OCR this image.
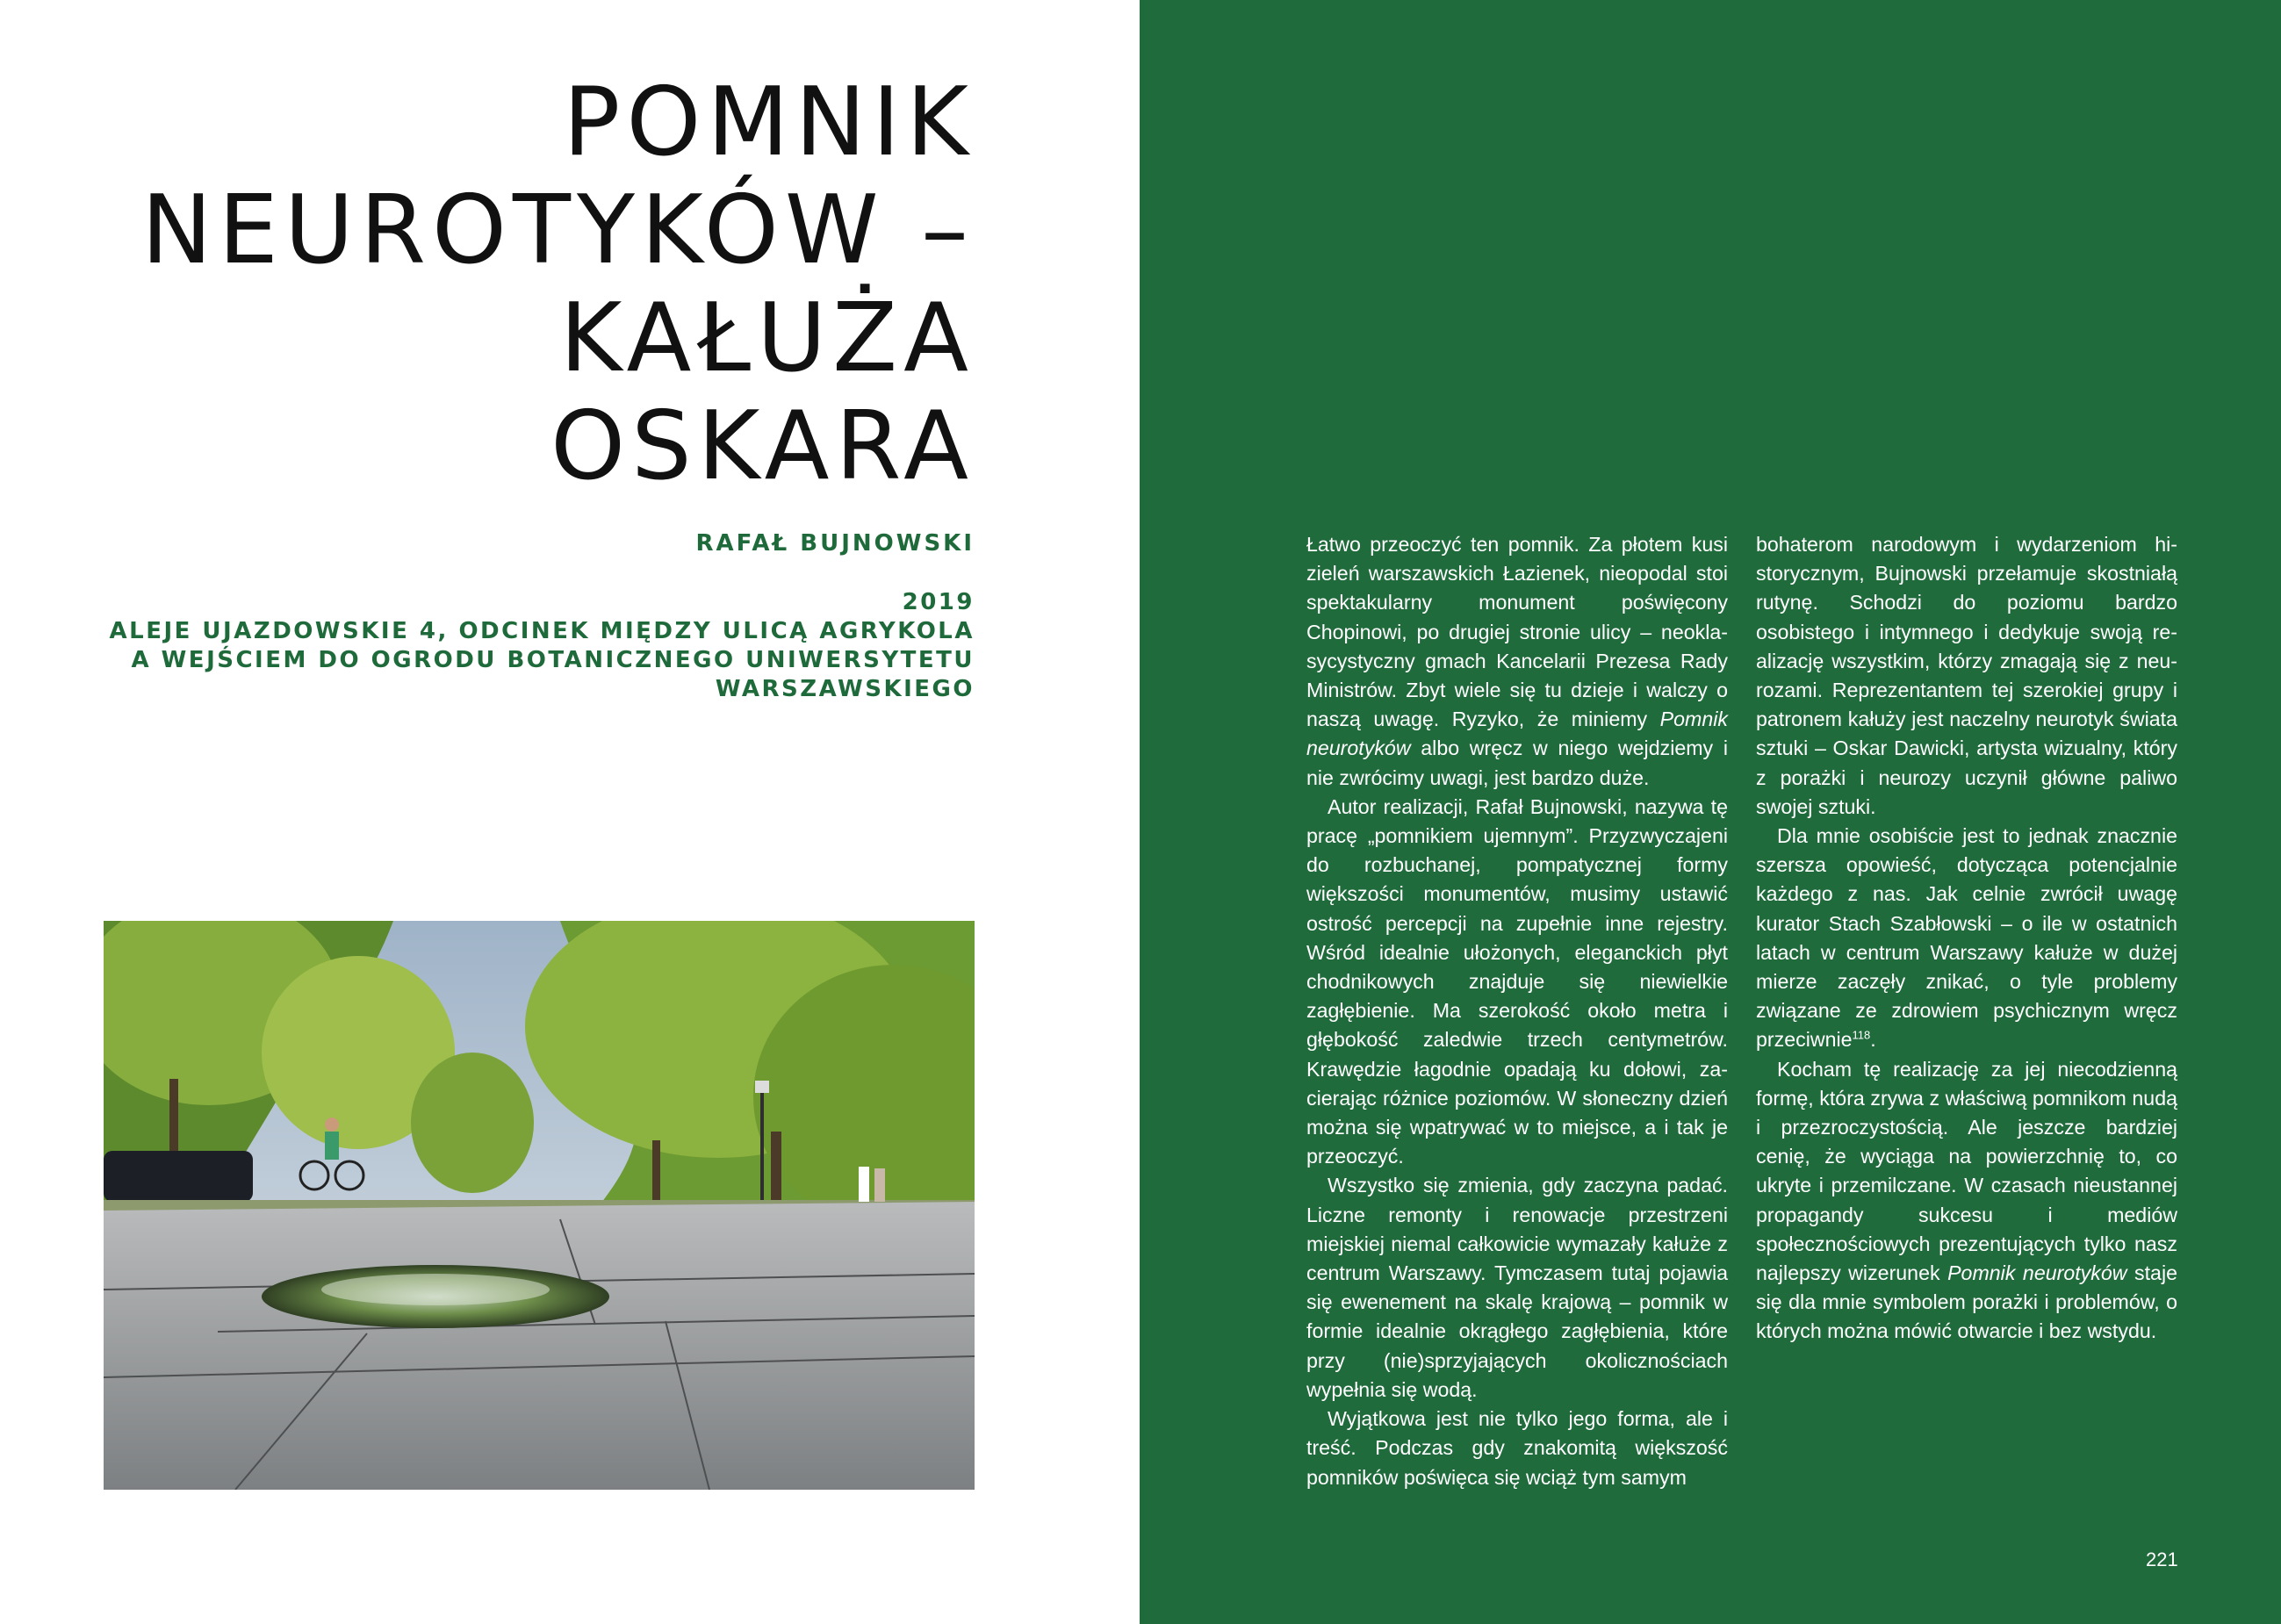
POMNIK
NEUROTYKÓW –
KAŁUŻA
OSKARA
RAFAŁ BUJNOWSKI
2019
ALEJE UJAZDOWSKIE 4, ODCINEK MIĘDZY ULICĄ AGRYKOLA
A WEJŚCIEM DO OGRODU BOTANICZNEGO UNIWERSYTETU
WARSZAWSKIEGO

Łatwo przeoczyć ten pomnik. Za płotem kusi zieleń warszawskich Łazienek, nieopodal stoi spektakularny monument poświęcony Chopinowi, po drugiej stronie ulicy – neoklasycystyczny gmach Kancelarii Prezesa Rady Ministrów. Zbyt wiele się tu dzieje i walczy o naszą uwagę. Ryzyko, że miniemy Pomnik neurotyków albo wręcz w niego wejdziemy i nie zwrócimy uwagi, jest bardzo duże.

Autor realizacji, Rafał Bujnowski, nazywa tę pracę „pomnikiem ujemnym”. Przyzwyczajeni do rozbuchanej, pompatycznej formy większości monumentów, musimy ustawić ostrość percepcji na zupełnie inne rejestry. Wśród idealnie ułożonych, eleganckich płyt chodnikowych znajduje się niewielkie zagłębienie. Ma szerokość około metra i głębokość zaledwie trzech centymetrów. Krawędzie łagodnie opadają ku dołowi, zacierając różnice poziomów. W słoneczny dzień można się wpatrywać w to miejsce, a i tak je przeoczyć.

Wszystko się zmienia, gdy zaczyna padać. Liczne remonty i renowacje przestrzeni miejskiej niemal całkowicie wymazały kałuże z centrum Warszawy. Tymczasem tutaj pojawia się ewenement na skalę krajową – pomnik w formie idealnie okrągłego zagłębienia, które przy (nie)sprzyjających okolicznościach wypełnia się wodą.

Wyjątkowa jest nie tylko jego forma, ale i treść. Podczas gdy znakomitą większość pomników poświęca się wciąż tym samym

bohaterom narodowym i wydarzeniom historycznym, Bujnowski przełamuje skostniałą rutynę. Schodzi do poziomu bardzo osobistego i intymnego i dedykuje swoją realizację wszystkim, którzy zmagają się z neurozami. Reprezentantem tej szerokiej grupy i patronem kałuży jest naczelny neurotyk świata sztuki – Oskar Dawicki, artysta wizualny, który z porażki i neurozy uczynił główne paliwo swojej sztuki.

Dla mnie osobiście jest to jednak znacznie szersza opowieść, dotycząca potencjalnie każdego z nas. Jak celnie zwrócił uwagę kurator Stach Szabłowski – o ile w ostatnich latach w centrum Warszawy kałuże w dużej mierze zaczęły znikać, o tyle problemy związane ze zdrowiem psychicznym wręcz przeciwnie$^{118}$.

Kocham tę realizację za jej niecodzienną formę, która zrywa z właściwą pomnikom nudą i przezroczystością. Ale jeszcze bardziej cenię, że wyciąga na powierzchnię to, co ukryte i przemilczane. W czasach nieustannej propagandy sukcesu i mediów społecznościowych prezentujących tylko nasz najlepszy wizerunek Pomnik neurotyków staje się dla mnie symbolem porażki i problemów, o których można mówić otwarcie i bez wstydu.

221
